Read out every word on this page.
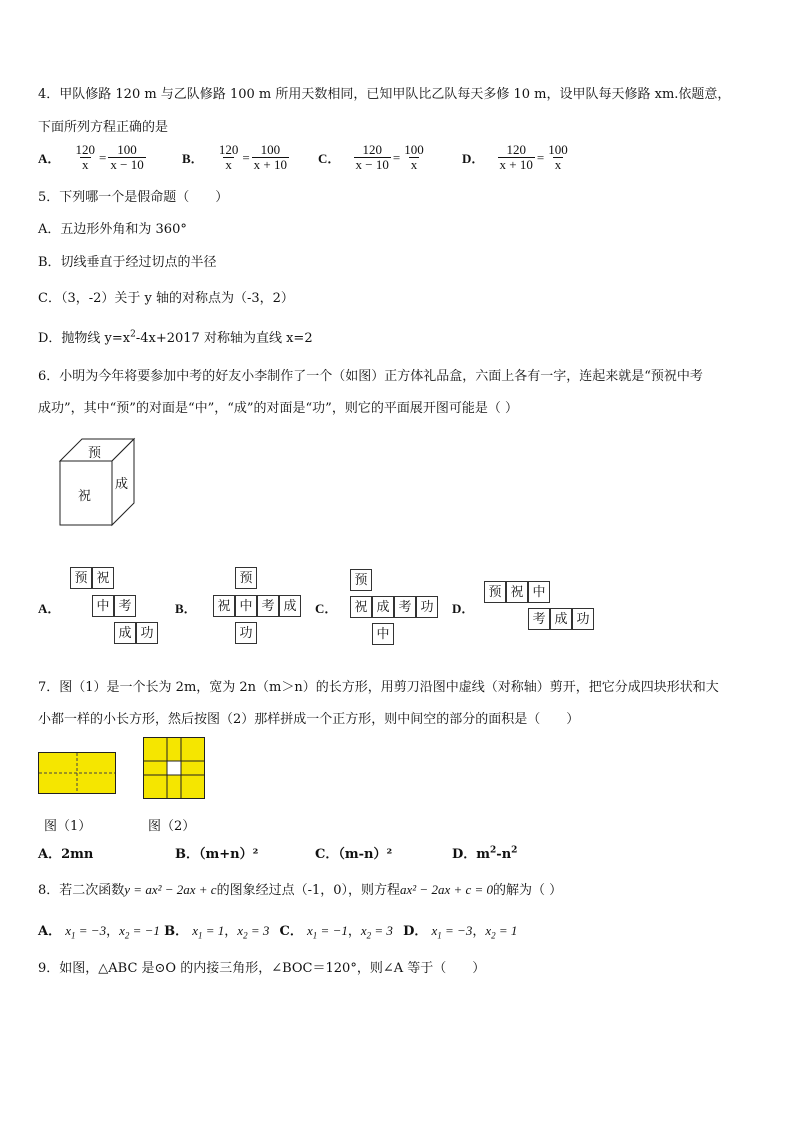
4．甲队修路 120 m 与乙队修路 100 m 所用天数相同，已知甲队比乙队每天多修 10 m，设甲队每天修路 xm.依题意，
下面所列方程正确的是
A． $\frac{120}{x} = \frac{100}{x - 10}$	B． $\frac{120}{x} = \frac{100}{x + 10}$ C． $\frac{120}{x - 10} = \frac{100}{x}$	D． $\frac{120}{x + 10} = \frac{100}{x}$
5．下列哪一个是假命题（　　）
A．五边形外角和为 360°
B．切线垂直于经过切点的半径
C．（3，-2）关于 y 轴的对称点为（-3，2）
D．抛物线 $y=x^2-4x+2017$ 对称轴为直线 x=2
6．小明为今年将要参加中考的好友小李制作了一个（如图）正方体礼品盒，六面上各有一字，连起来就是“预祝中考
成功”，其中“预”的对面是“中”，“成”的对面是“功”，则它的平面展开图可能是（ ）
预
祝
成
A．
预 祝
中 考
成 功
B．
预
祝 中 考 成
功
C．
预
祝 成 考 功
中
D．
预 祝 中
考 成 功
7．图（1）是一个长为 2m，宽为 2n（m＞n）的长方形，用剪刀沿图中虚线（对称轴）剪开，把它分成四块形状和大
小都一样的小长方形，然后按图（2）那样拼成一个正方形，则中间空的部分的面积是（　　）
图（1）	图（2）
A．2mn	B．（m+n）²	C．（m-n）²	D．$m^2-n^2$
8．若二次函数y = ax² − 2ax + c的图象经过点（-1，0），则方程ax² − 2ax + c = 0的解为（ ）
A． $x_1 = -3$，$x_2 = -1$ B． $x_1 = 1$，$x_2 = 3$ C． $x_1 = -1$，$x_2 = 3$ D． $x_1 = -3$，$x_2 = 1$
9．如图，△ABC 是⊙O 的内接三角形，∠BOC＝120°，则∠A 等于（　　）
